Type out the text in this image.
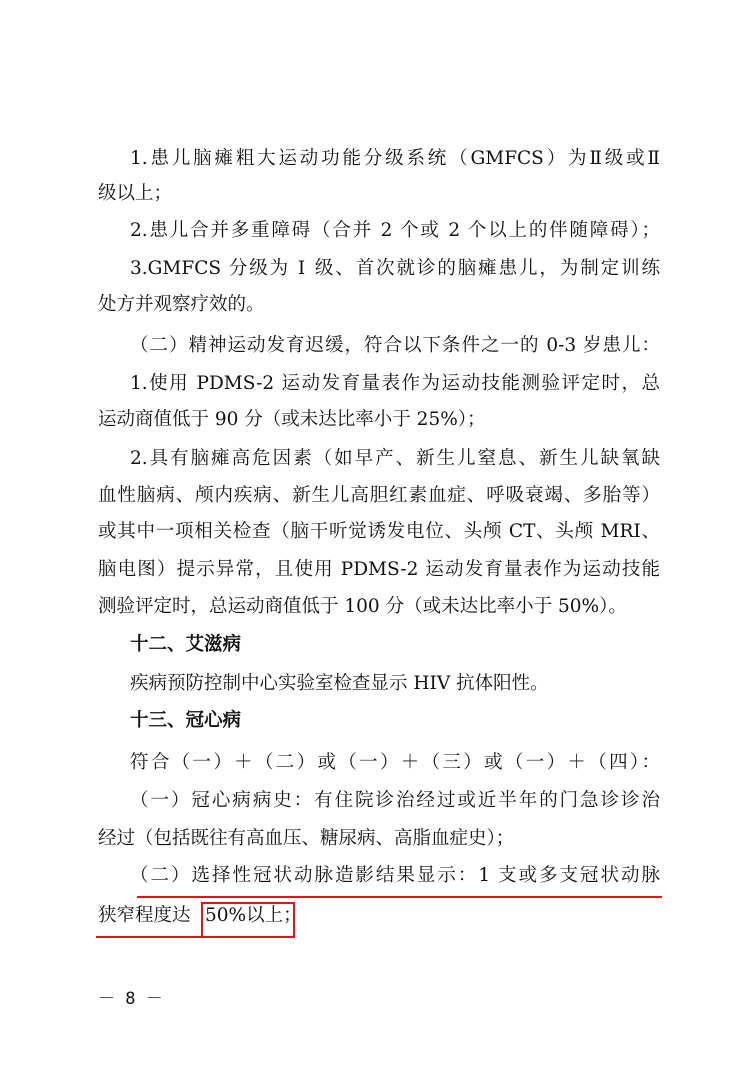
1.患儿脑瘫粗大运动功能分级系统（GMFCS）为Ⅱ级或Ⅱ
级以上；
2.患儿合并多重障碍（合并 2 个或 2 个以上的伴随障碍）；
3.GMFCS 分级为 Ⅰ 级、首次就诊的脑瘫患儿，为制定训练
处方并观察疗效的。
（二）精神运动发育迟缓，符合以下条件之一的 0-3 岁患儿：
1.使用 PDMS-2 运动发育量表作为运动技能测验评定时，总
运动商值低于 90 分（或未达比率小于 25%）；
2.具有脑瘫高危因素（如早产、新生儿窒息、新生儿缺氧缺
血性脑病、颅内疾病、新生儿高胆红素血症、呼吸衰竭、多胎等）
或其中一项相关检查（脑干听觉诱发电位、头颅 CT、头颅 MRI、
脑电图）提示异常，且使用 PDMS-2 运动发育量表作为运动技能
测验评定时，总运动商值低于 100 分（或未达比率小于 50%）。
十二、艾滋病
疾病预防控制中心实验室检查显示 HIV 抗体阳性。
十三、冠心病
符合（一）＋（二）或（一）＋（三）或（一）＋（四）：
（一）冠心病病史：有住院诊治经过或近半年的门急诊诊治
经过（包括既往有高血压、糖尿病、高脂血症史）；
（二）选择性冠状动脉造影结果显示：1 支或多支冠状动脉
狭窄程度达 50%以上；
－ 8 －
